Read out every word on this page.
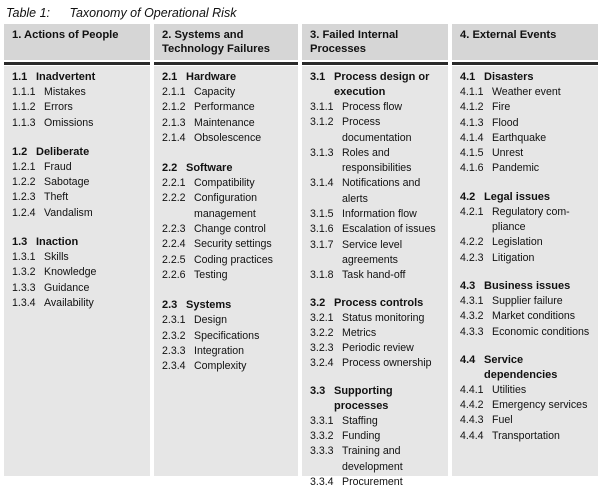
Table 1: Taxonomy of Operational Risk
1. Actions of People
1.1 Inadvertent
1.1.1 Mistakes
1.1.2 Errors
1.1.3 Omissions
1.2 Deliberate
1.2.1 Fraud
1.2.2 Sabotage
1.2.3 Theft
1.2.4 Vandalism
1.3 Inaction
1.3.1 Skills
1.3.2 Knowledge
1.3.3 Guidance
1.3.4 Availability
2. Systems and Technology Failures
2.1 Hardware
2.1.1 Capacity
2.1.2 Performance
2.1.3 Maintenance
2.1.4 Obsolescence
2.2 Software
2.2.1 Compatibility
2.2.2 Configuration management
2.2.3 Change control
2.2.4 Security settings
2.2.5 Coding practices
2.2.6 Testing
2.3 Systems
2.3.1 Design
2.3.2 Specifications
2.3.3 Integration
2.3.4 Complexity
3. Failed Internal Processes
3.1 Process design or execution
3.1.1 Process flow
3.1.2 Process documentation
3.1.3 Roles and responsibilities
3.1.4 Notifications and alerts
3.1.5 Information flow
3.1.6 Escalation of issues
3.1.7 Service level agreements
3.1.8 Task hand-off
3.2 Process controls
3.2.1 Status monitoring
3.2.2 Metrics
3.2.3 Periodic review
3.2.4 Process ownership
3.3 Supporting processes
3.3.1 Staffing
3.3.2 Funding
3.3.3 Training and development
3.3.4 Procurement
4. External Events
4.1 Disasters
4.1.1 Weather event
4.1.2 Fire
4.1.3 Flood
4.1.4 Earthquake
4.1.5 Unrest
4.1.6 Pandemic
4.2 Legal issues
4.2.1 Regulatory com-pliance
4.2.2 Legislation
4.2.3 Litigation
4.3 Business issues
4.3.1 Supplier failure
4.3.2 Market conditions
4.3.3 Economic conditions
4.4 Service dependencies
4.4.1 Utilities
4.4.2 Emergency services
4.4.3 Fuel
4.4.4 Transportation
